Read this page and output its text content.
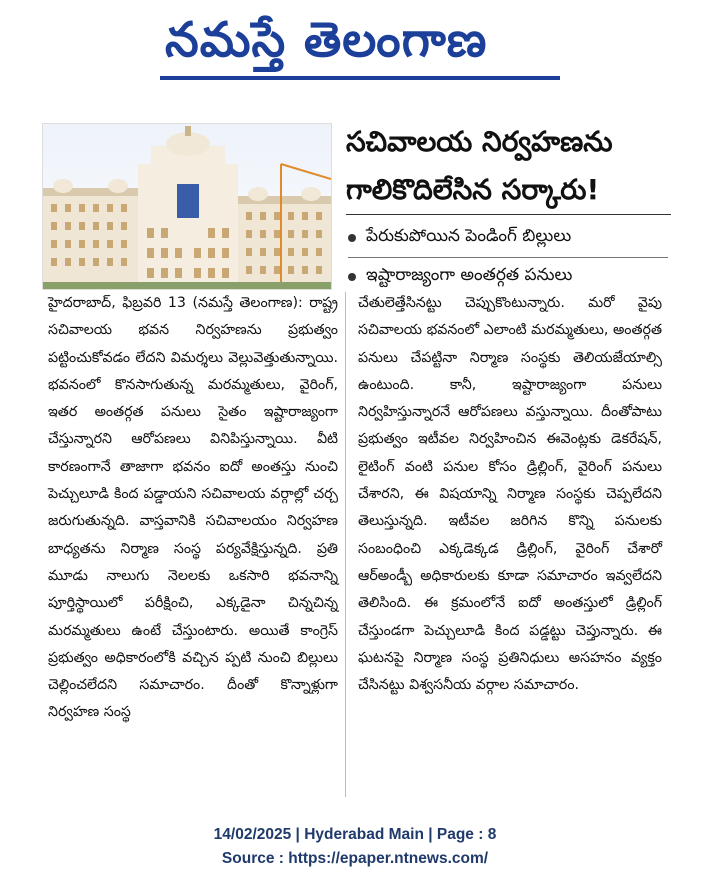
నమస్తే తెలంగాణ
సచివాలయ నిర్వహణను
గాలికొదిలేసిన సర్కారు!
పేరుకుపోయిన పెండింగ్ బిల్లులు
ఇష్టారాజ్యంగా అంతర్గత పనులు

హైదరాబాద్, ఫిబ్రవరి 13 (నమస్తే తెలంగాణ): రాష్ట్ర సచివాలయ భవన నిర్వహణను ప్రభుత్వం పట్టించుకోవడం లేదని విమర్శలు వెల్లువెత్తుతున్నాయి. భవనంలో కొనసాగుతున్న మరమ్మతులు, వైరింగ్, ఇతర అంతర్గత పనులు సైతం ఇష్టారాజ్యంగా చేస్తున్నారని ఆరోపణలు వినిపిస్తున్నాయి. వీటి కారణంగానే తాజాగా భవనం ఐదో అంతస్తు నుంచి పెచ్చులూడి కింద పడ్డాయని సచివాలయ వర్గాల్లో చర్చ జరుగుతున్నది. వాస్తవానికి సచివాలయం నిర్వహణ బాధ్యతను నిర్మాణ సంస్థ పర్యవేక్షిస్తున్నది. ప్రతి మూడు నాలుగు నెలలకు ఒకసారి భవనాన్ని పూర్తిస్థాయిలో పరీక్షించి, ఎక్కడైనా చిన్నచిన్న మరమ్మతులు ఉంటే చేస్తుంటారు. అయితే కాంగ్రెస్ ప్రభుత్వం అధికారంలోకి వచ్చిన ప్పటి నుంచి బిల్లులు చెల్లించలేదని సమాచారం. దీంతో కొన్నాళ్లుగా నిర్వహణ సంస్థ

చేతులెత్తేసినట్టు చెప్పుకొంటున్నారు. మరో వైపు సచివాలయ భవనంలో ఎలాంటి మరమ్మతులు, అంతర్గత పనులు చేపట్టినా నిర్మాణ సంస్థకు తెలియజేయాల్సి ఉంటుంది. కానీ, ఇష్టారాజ్యంగా పనులు నిర్వహిస్తున్నారనే ఆరోపణలు వస్తున్నాయి. దీంతోపాటు ప్రభుత్వం ఇటీవల నిర్వహించిన ఈవెంట్లకు డెకరేషన్, లైటింగ్ వంటి పనుల కోసం డ్రిల్లింగ్, వైరింగ్ పనులు చేశారని, ఈ విషయాన్ని నిర్మాణ సంస్థకు చెప్పలేదని తెలుస్తున్నది. ఇటీవల జరిగిన కొన్ని పనులకు సంబంధించి ఎక్కడెక్కడ డ్రిల్లింగ్, వైరింగ్ చేశారో ఆర్అండ్బీ అధికారులకు కూడా సమాచారం ఇవ్వలేదని తెలిసింది. ఈ క్రమంలోనే ఐదో అంతస్తులో డ్రిల్లింగ్ చేస్తుండగా పెచ్చులూడి కింద పడ్డట్టు చెప్తున్నారు. ఈ ఘటనపై నిర్మాణ సంస్థ ప్రతినిధులు అసహనం వ్యక్తం చేసినట్టు విశ్వసనీయ వర్గాల సమాచారం.

14/02/2025 | Hyderabad Main | Page : 8
Source : https://epaper.ntnews.com/
